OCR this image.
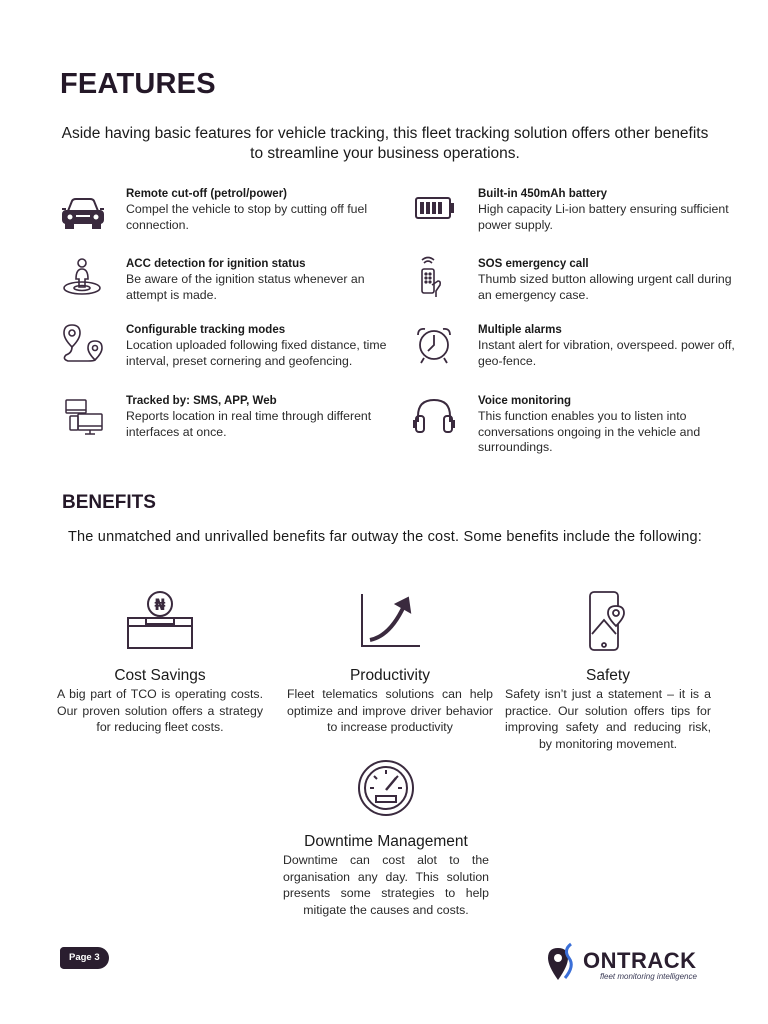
FEATURES
Aside having basic features for vehicle tracking, this fleet tracking solution offers other benefits to streamline your business operations.
Remote cut-off (petrol/power)
Compel the vehicle to stop by cutting off fuel connection.
Built-in 450mAh battery
High capacity Li-ion battery ensuring sufficient power supply.
ACC detection for ignition status
Be aware of the ignition status whenever an attempt is made.
SOS emergency call
Thumb sized button allowing urgent call during an emergency case.
Configurable tracking modes
Location uploaded following fixed distance, time interval, preset cornering and geofencing.
Multiple alarms
Instant alert for vibration, overspeed. power off, geo-fence.
Tracked by: SMS, APP, Web
Reports location in real time through different interfaces at once.
Voice monitoring
This function enables you to listen into conversations ongoing in the vehicle and surroundings.
BENEFITS
The unmatched and unrivalled benefits far outway the cost. Some benefits include the following:
₦
Cost Savings
A big part of TCO is operating costs. Our proven solution offers a strategy for reducing fleet costs.
Productivity
Fleet telematics solutions can help optimize and improve driver behavior to increase productivity
Safety
Safety isn’t just a statement – it is a practice. Our solution offers tips for improving safety and reducing risk, by monitoring movement.
Downtime Management
Downtime can cost alot to the organisation any day. This solution presents some strategies to help mitigate the causes and costs.
Page 3	ONTRACK
fleet monitoring intelligence
